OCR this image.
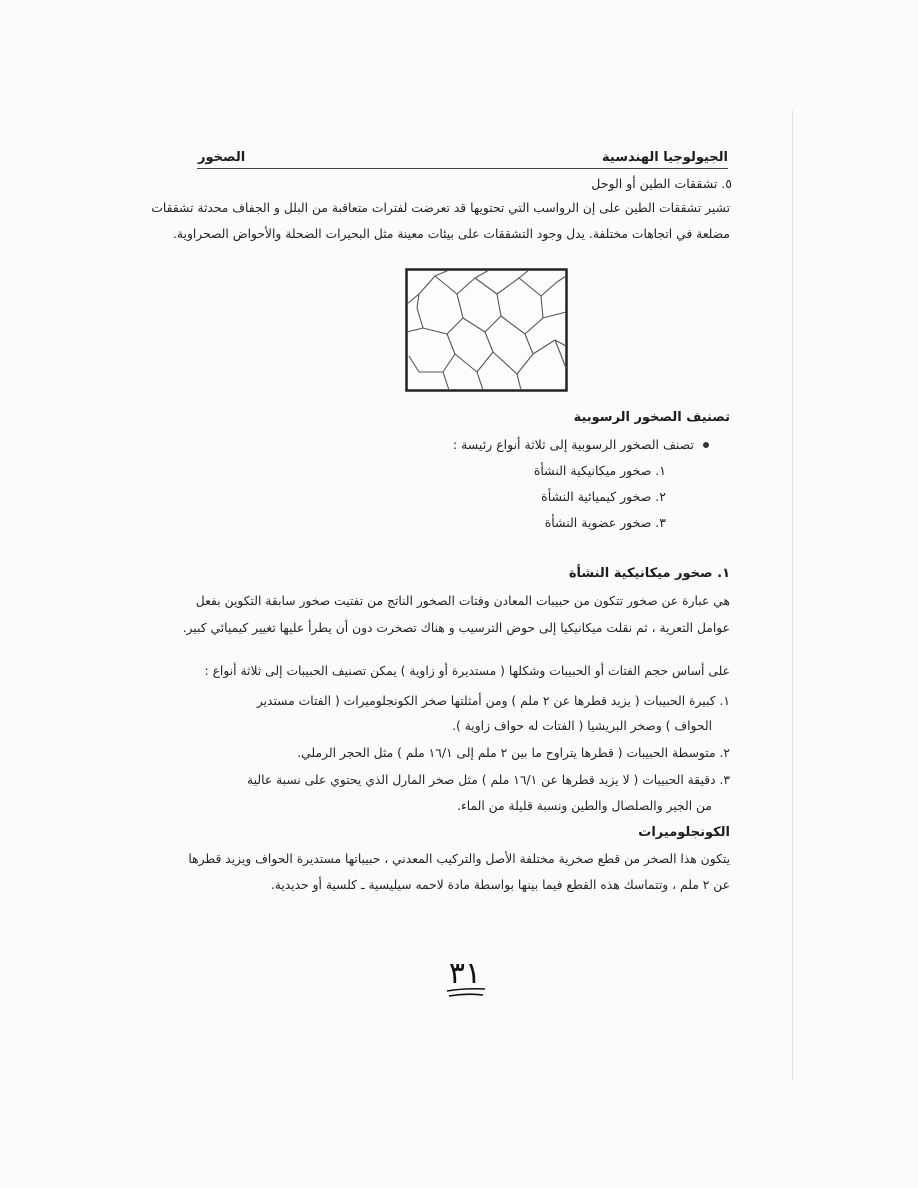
الصخور	الجيولوجيا الهندسية
٥. تشققات الطين أو الوحل
تشير تشققات الطين على إن الرواسب التي تحتويها قد تعرضت لفترات متعاقبة من البلل و الجفاف محدثة تشققات
مضلعة في اتجاهات مختلفة. يدل وجود التشققات على بيئات معينة مثل البحيرات الضحلة والأحواض الصحراوية.
تصنيف الصخور الرسوبية
تصنف الصخور الرسوبية إلى ثلاثة أنواع رئيسة :
١. صخور ميكانيكية النشأة
٢. صخور كيميائية النشأة
٣. صخور عضوية النشأة
١. صخور ميكانيكية النشأة
هي عبارة عن صخور تتكون من حبيبات المعادن وفتات الصخور الناتج من تفتيت صخور سابقة التكوين بفعل
عوامل التعرية ، ثم نقلت ميكانيكيا إلى حوض الترسيب و هناك تصخرت دون أن يطرأ عليها تغيير كيميائي كبير.
على أساس حجم الفتات أو الحبيبات وشكلها ( مستديرة أو زاوية ) يمكن تصنيف الحبيبات إلى ثلاثة أنواع :
١. كبيرة الحبيبات ( يزيد قطرها عن ٢ ملم ) ومن أمثلتها صخر الكونجلوميرات ( الفتات مستدير
الحواف ) وصخر البريشيا ( الفتات له حواف زاوية ).
٢. متوسطة الحبيبات ( قطرها يتراوح ما بين ٢ ملم إلى ١٦/١ ملم ) مثل الحجر الرملي.
٣. دقيقة الحبيبات ( لا يزيد قطرها عن ١٦/١ ملم ) مثل صخر المارل الذي يحتوي على نسبة عالية
من الجير والصلصال والطين ونسبة قليلة من الماء.
الكونجلوميرات
يتكون هذا الصخر من قطع صخرية مختلفة الأصل والتركيب المعدني ، حبيباتها مستديرة الحواف ويزيد قطرها
عن ٢ ملم ، وتتماسك هذه القطع فيما بينها بواسطة مادة لاحمه سيليسية ـ كلسية أو حديدية.
٣١
